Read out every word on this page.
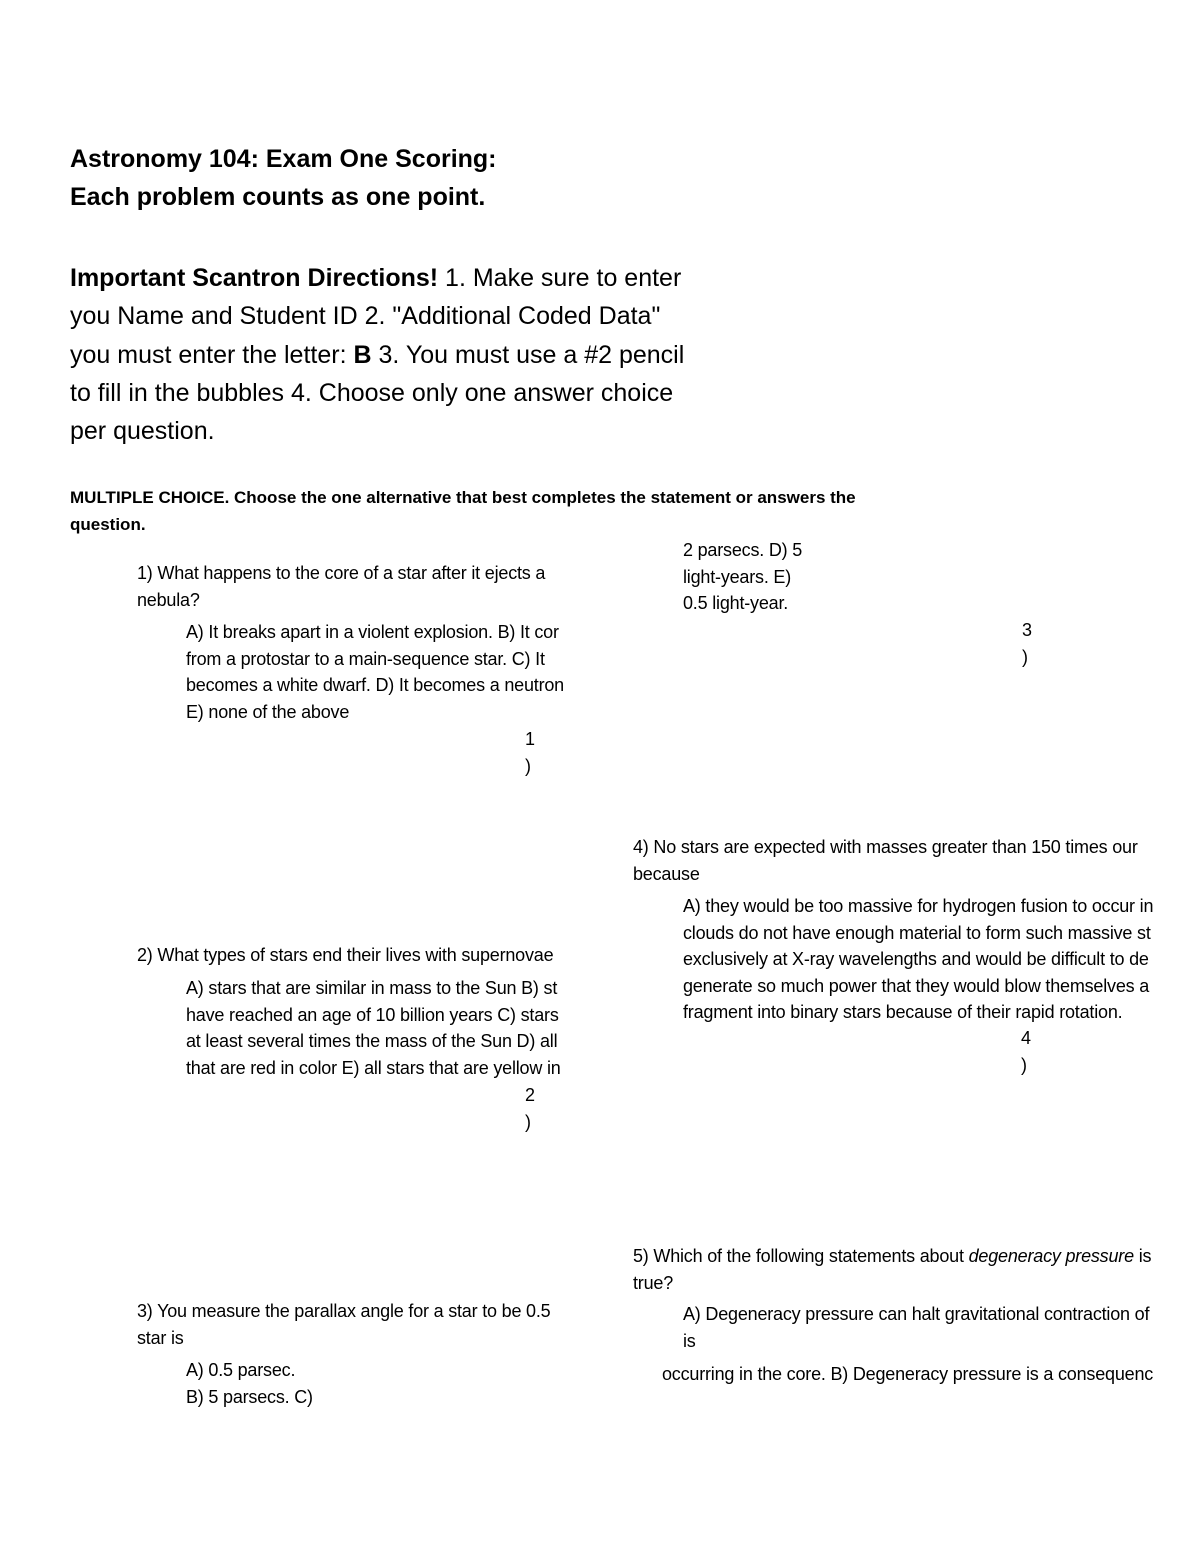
Astronomy 104: Exam One Scoring:
Each problem counts as one point.
Important Scantron Directions! 1. Make sure to enter
you Name and Student ID 2. "Additional Coded Data"
you must enter the letter: B 3. You must use a #2 pencil
to fill in the bubbles 4. Choose only one answer choice
per question.
MULTIPLE CHOICE. Choose the one alternative that best completes the statement or answers the
question.
1) What happens to the core of a star after it ejects a
nebula?
A) It breaks apart in a violent explosion. B) It cor
from a protostar to a main-sequence star. C) It
becomes a white dwarf. D) It becomes a neutron
E) none of the above
1
)
2) What types of stars end their lives with supernovae
A) stars that are similar in mass to the Sun B) st
have reached an age of 10 billion years C) stars
at least several times the mass of the Sun D) all
that are red in color E) all stars that are yellow in
2
)
3) You measure the parallax angle for a star to be 0.5
star is
A) 0.5 parsec.
B) 5 parsecs. C)
2 parsecs. D) 5
light-years. E)
0.5 light-year.
3
)
4) No stars are expected with masses greater than 150 times our
because
A) they would be too massive for hydrogen fusion to occur in
clouds do not have enough material to form such massive st
exclusively at X-ray wavelengths and would be difficult to de
generate so much power that they would blow themselves a
fragment into binary stars because of their rapid rotation.
4
)
5) Which of the following statements about degeneracy pressure is
true?
A) Degeneracy pressure can halt gravitational contraction of
is
occurring in the core. B) Degeneracy pressure is a consequenc
